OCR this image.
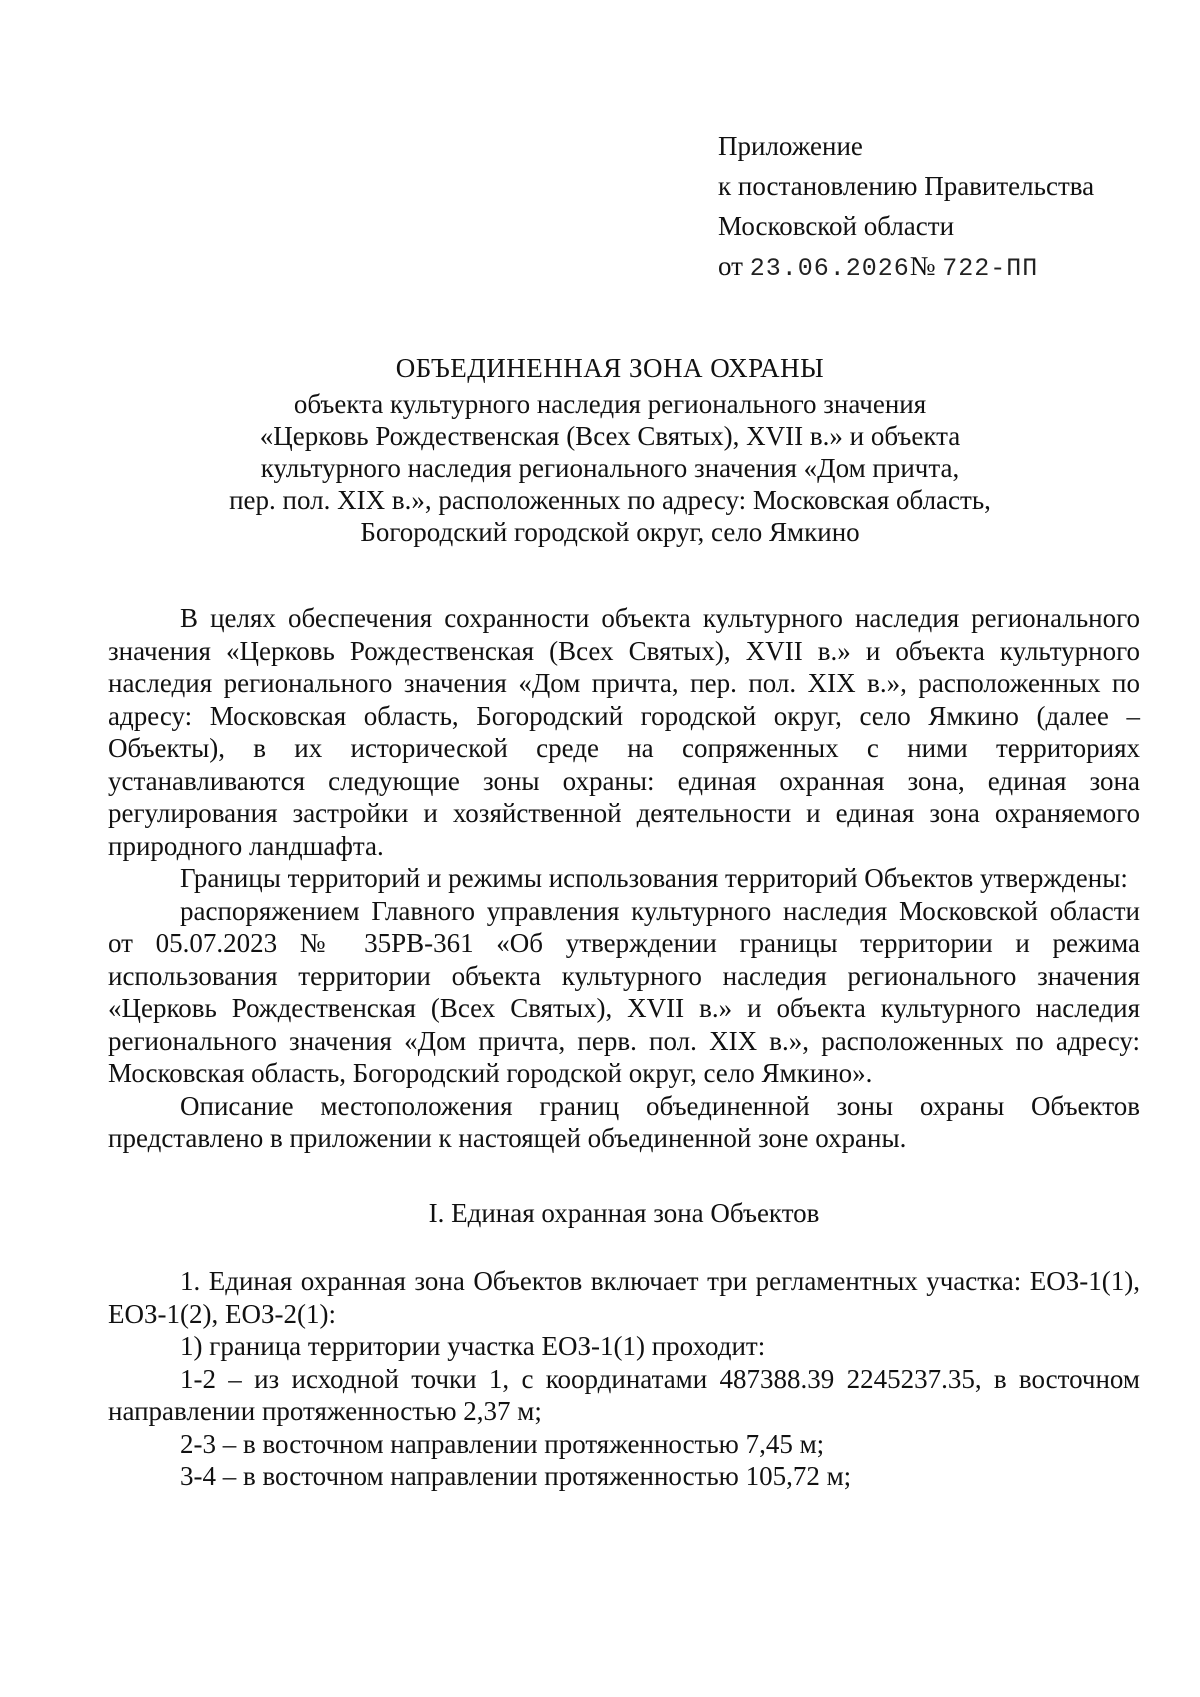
Приложение
к постановлению Правительства
Московской области
от 23.06.2026№ 722-ПП
ОБЪЕДИНЕННАЯ ЗОНА ОХРАНЫ
объекта культурного наследия регионального значения
«Церковь Рождественская (Всех Святых), XVII в.» и объекта
культурного наследия регионального значения «Дом причта,
пер. пол. XIX в.», расположенных по адресу: Московская область,
Богородский городской округ, село Ямкино

В целях обеспечения сохранности объекта культурного наследия регионального значения «Церковь Рождественская (Всех Святых), XVII в.» и объекта культурного наследия регионального значения «Дом причта, пер. пол. XIX в.», расположенных по адресу: Московская область, Богородский городской округ, село Ямкино (далее – Объекты), в их исторической среде на сопряженных с ними территориях устанавливаются следующие зоны охраны: единая охранная зона, единая зона регулирования застройки и хозяйственной деятельности и единая зона охраняемого природного ландшафта.

Границы территорий и режимы использования территорий Объектов утверждены:

распоряжением Главного управления культурного наследия Московской области от 05.07.2023 № 35РВ-361 «Об утверждении границы территории и режима использования территории объекта культурного наследия регионального значения «Церковь Рождественская (Всех Святых), XVII в.» и объекта культурного наследия регионального значения «Дом причта, перв. пол. XIX в.», расположенных по адресу: Московская область, Богородский городской округ, село Ямкино».

Описание местоположения границ объединенной зоны охраны Объектов представлено в приложении к настоящей объединенной зоне охраны.

I. Единая охранная зона Объектов

1. Единая охранная зона Объектов включает три регламентных участка: ЕОЗ-1(1), ЕОЗ-1(2), ЕОЗ-2(1):

1) граница территории участка ЕОЗ-1(1) проходит:

1-2 – из исходной точки 1, с координатами 487388.39 2245237.35, в восточном направлении протяженностью 2,37 м;

2-3 – в восточном направлении протяженностью 7,45 м;

3-4 – в восточном направлении протяженностью 105,72 м;
